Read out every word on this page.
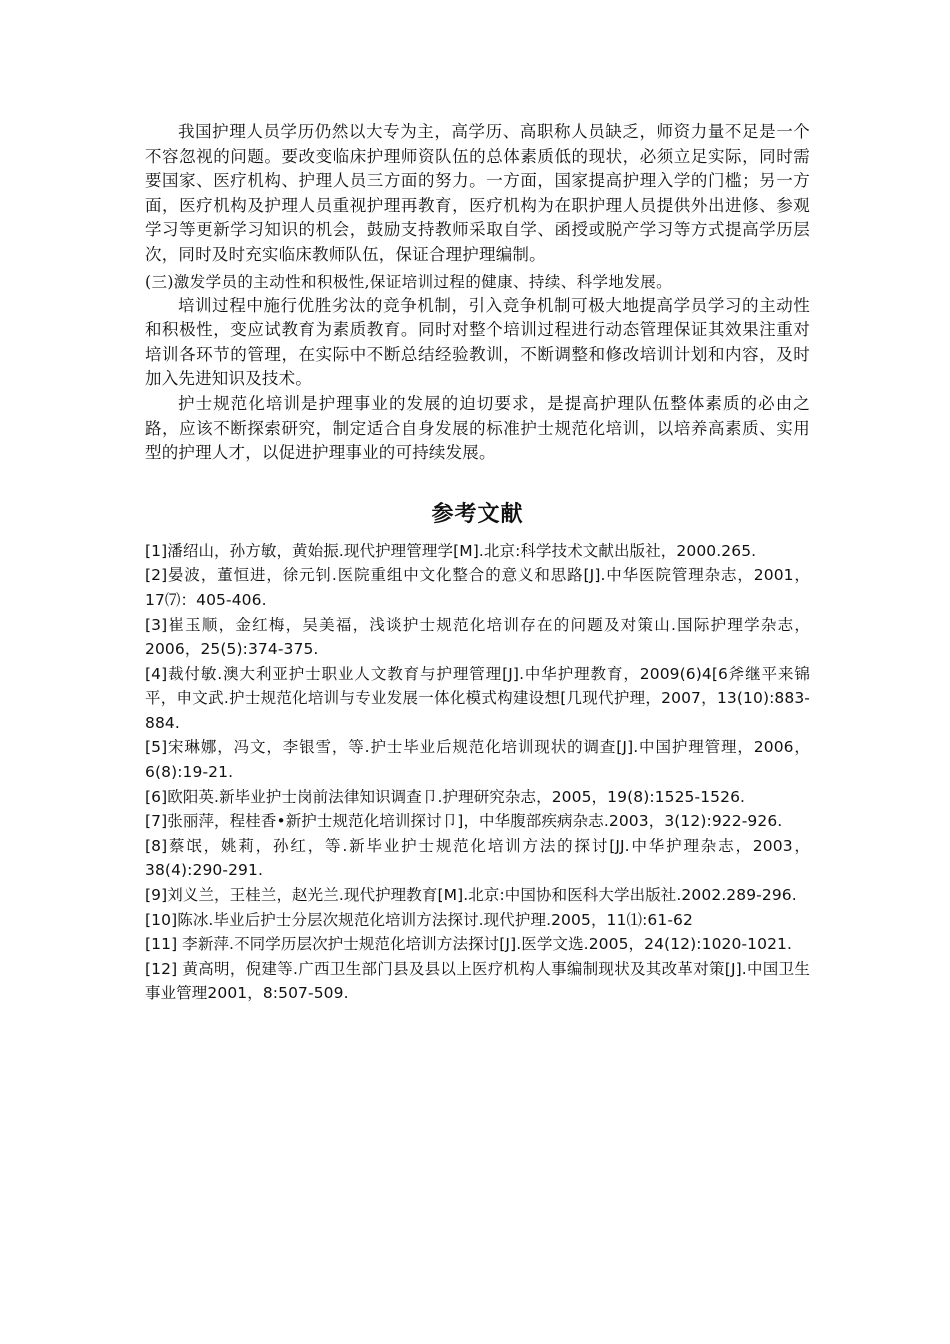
我国护理人员学历仍然以大专为主，高学历、高职称人员缺乏，师资力量不足是一个不容忽视的问题。要改变临床护理师资队伍的总体素质低的现状，必须立足实际，同时需要国家、医疗机构、护理人员三方面的努力。一方面，国家提高护理入学的门槛；另一方面，医疗机构及护理人员重视护理再教育，医疗机构为在职护理人员提供外出进修、参观学习等更新学习知识的机会，鼓励支持教师采取自学、函授或脱产学习等方式提高学历层次，同时及时充实临床教师队伍，保证合理护理编制。

(三)激发学员的主动性和积极性,保证培训过程的健康、持续、科学地发展。

培训过程中施行优胜劣汰的竞争机制，引入竞争机制可极大地提高学员学习的主动性和积极性，变应试教育为素质教育。同时对整个培训过程进行动态管理保证其效果注重对培训各环节的管理，在实际中不断总结经验教训，不断调整和修改培训计划和内容，及时加入先进知识及技术。

护士规范化培训是护理事业的发展的迫切要求，是提高护理队伍整体素质的必由之路，应该不断探索研究，制定适合自身发展的标准护士规范化培训，以培养高素质、实用型的护理人才，以促进护理事业的可持续发展。

参考文献
[1]潘绍山，孙方敏，黄始振.现代护理管理学[M].北京:科学技术文献出版社，2000.265.
[2]晏波，董恒进，徐元钊.医院重组中文化整合的意义和思路[J].中华医院管理杂志，2001，17⑺：405-406.
[3]崔玉顺，金红梅，吴美福，浅谈护士规范化培训存在的问题及对策山.国际护理学杂志，2006，25(5):374-375.
[4]裁付敏.澳大利亚护士职业人文教育与护理管理[J].中华护理教育，2009(6)4[6斧继平来锦平，申文武.护士规范化培训与专业发展一体化模式构建设想[几现代护理，2007，13(10):883-884.
[5]宋琳娜，冯文，李银雪，等.护士毕业后规范化培训现状的调查[J].中国护理管理，2006，6(8):19-21.
[6]欧阳英.新毕业护士岗前法律知识调查卩.护理研究杂志，2005，19(8):1525-1526.
[7]张丽萍，程桂香•新护士规范化培训探讨卩]，中华腹部疾病杂志.2003，3(12):922-926.
[8]蔡氓，姚莉，孙红，等.新毕业护士规范化培训方法的探讨[JJ.中华护理杂志，2003，38(4):290-291.
[9]刘义兰，王桂兰，赵光兰.现代护理教育[M].北京:中国协和医科大学出版社.2002.289-296.
[10]陈冰.毕业后护士分层次规范化培训方法探讨.现代护理.2005，11⑴:61-62
[11] 李新萍.不同学历层次护士规范化培训方法探讨[J].医学文选.2005，24(12):1020-1021.
[12] 黄高明，倪建等.广西卫生部门县及县以上医疗机构人事编制现状及其改革对策[J].中国卫生事业管理2001，8:507-509.
